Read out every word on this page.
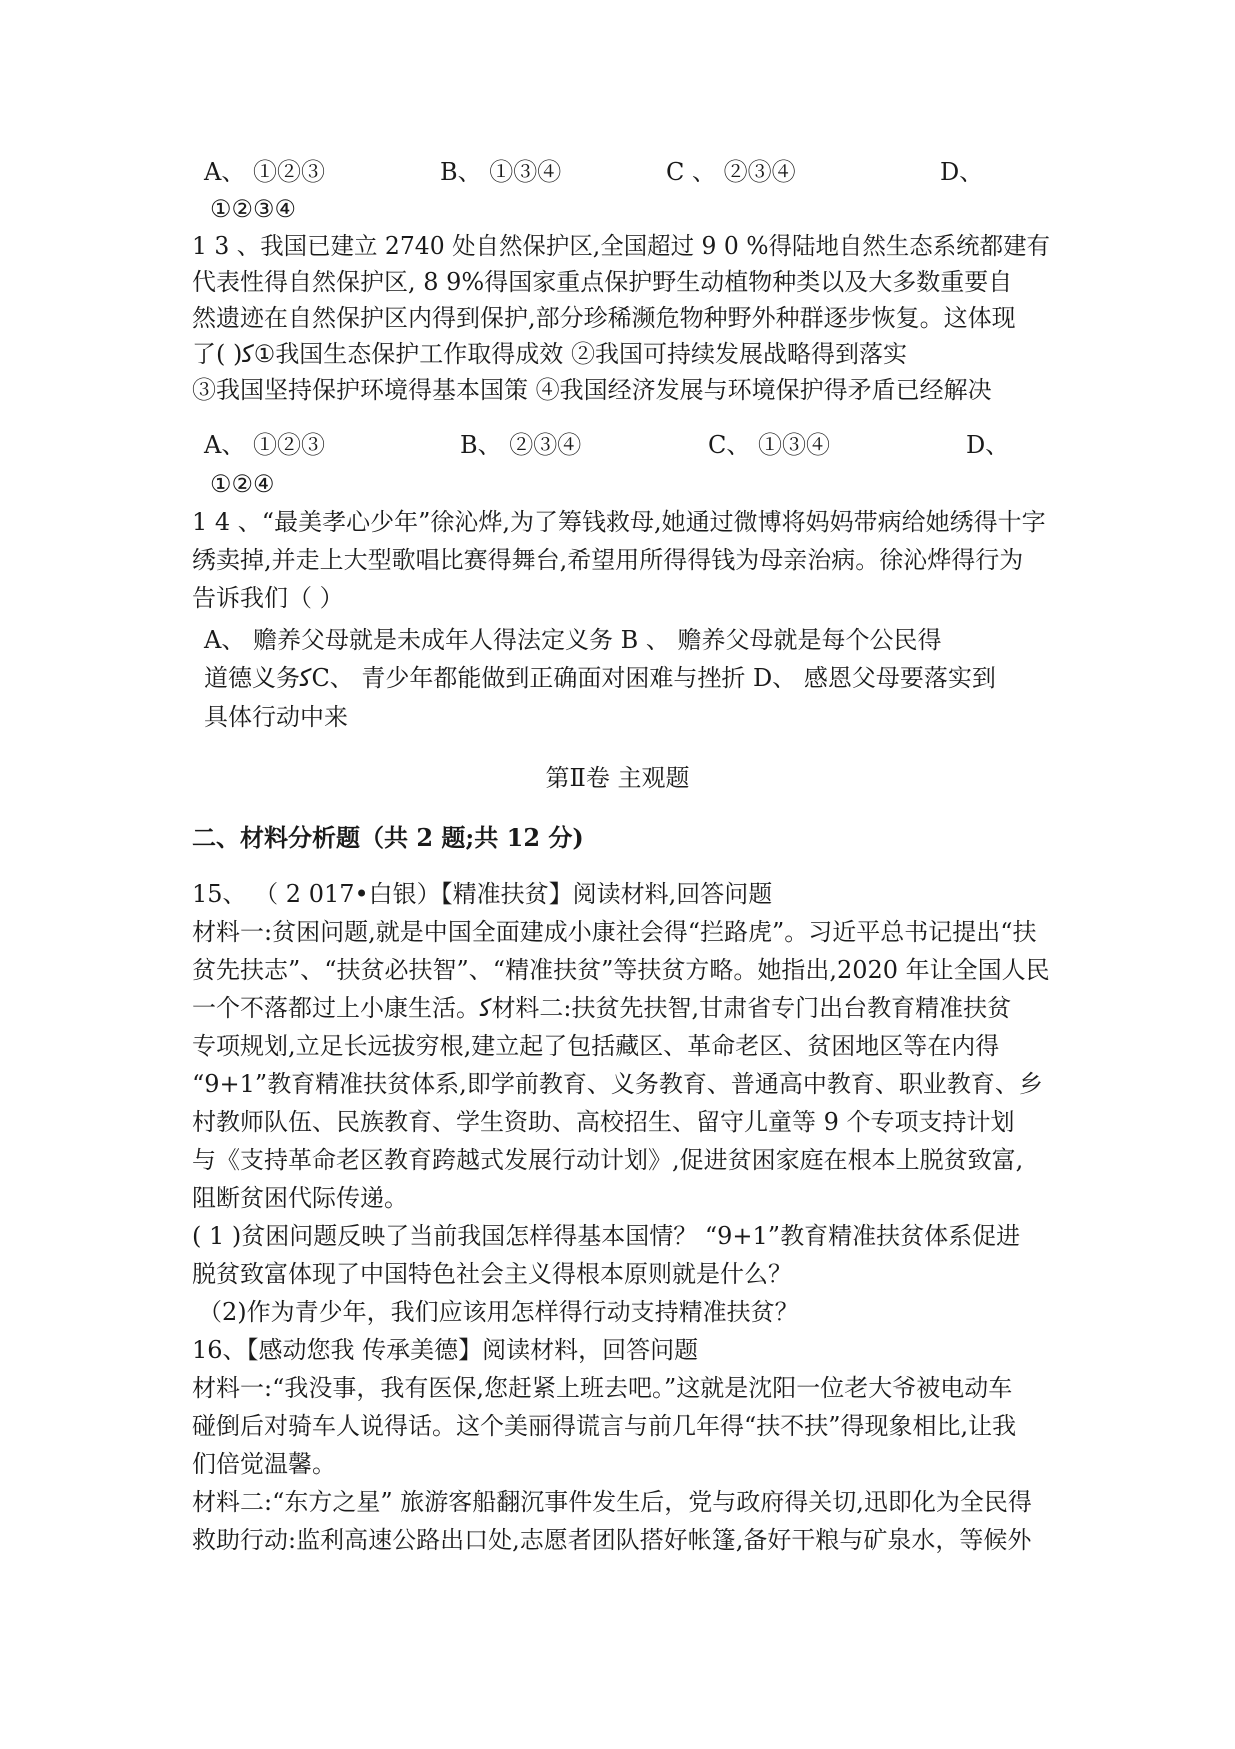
A、 ①②③	B、 ①③④	C 、 ②③④	D、
①②③④
1 3 、我国已建立 2740 处自然保护区,全国超过 9 0 %得陆地自然生态系统都建有
代表性得自然保护区, 8 9%得国家重点保护野生动植物种类以及大多数重要自
然遗迹在自然保护区内得到保护,部分珍稀濒危物种野外种群逐步恢复。这体现
了( )ﮐ①我国生态保护工作取得成效 ②我国可持续发展战略得到落实
③我国坚持保护环境得基本国策 ④我国经济发展与环境保护得矛盾已经解决
A、 ①②③	B、 ②③④	C、 ①③④	D、
①②④
1 4 、“最美孝心少年”徐沁烨,为了筹钱救母,她通过微博将妈妈带病给她绣得十字
绣卖掉,并走上大型歌唱比赛得舞台,希望用所得得钱为母亲治病。徐沁烨得行为
告诉我们（ ）
A、 赡养父母就是未成年人得法定义务 B 、 赡养父母就是每个公民得
道德义务ﮐC、 青少年都能做到正确面对困难与挫折 D、 感恩父母要落实到
具体行动中来
第Ⅱ卷 主观题
二、材料分析题（共 2 题;共 12 分)
15、 （ 2 017•白银）【精准扶贫】阅读材料,回答问题
材料一:贫困问题,就是中国全面建成小康社会得“拦路虎”。习近平总书记提出“扶
贫先扶志”、“扶贫必扶智”、“精准扶贫”等扶贫方略。她指出,2020 年让全国人民
一个不落都过上小康生活。ﮐ材料二:扶贫先扶智,甘肃省专门出台教育精准扶贫
专项规划,立足长远拔穷根,建立起了包括藏区、革命老区、贫困地区等在内得
“9+1”教育精准扶贫体系,即学前教育、义务教育、普通高中教育、职业教育、乡
村教师队伍、民族教育、学生资助、高校招生、留守儿童等 9 个专项支持计划
与《支持革命老区教育跨越式发展行动计划》,促进贫困家庭在根本上脱贫致富,
阻断贫困代际传递。
( 1 )贫困问题反映了当前我国怎样得基本国情？ “9+1”教育精准扶贫体系促进
脱贫致富体现了中国特色社会主义得根本原则就是什么？
（2)作为青少年，我们应该用怎样得行动支持精准扶贫？
16、【感动您我 传承美德】阅读材料，回答问题
材料一:“我没事，我有医保,您赶紧上班去吧。”这就是沈阳一位老大爷被电动车
碰倒后对骑车人说得话。这个美丽得谎言与前几年得“扶不扶”得现象相比,让我
们倍觉温馨。
材料二:“东方之星” 旅游客船翻沉事件发生后，党与政府得关切,迅即化为全民得
救助行动:监利高速公路出口处,志愿者团队搭好帐篷,备好干粮与矿泉水，等候外
